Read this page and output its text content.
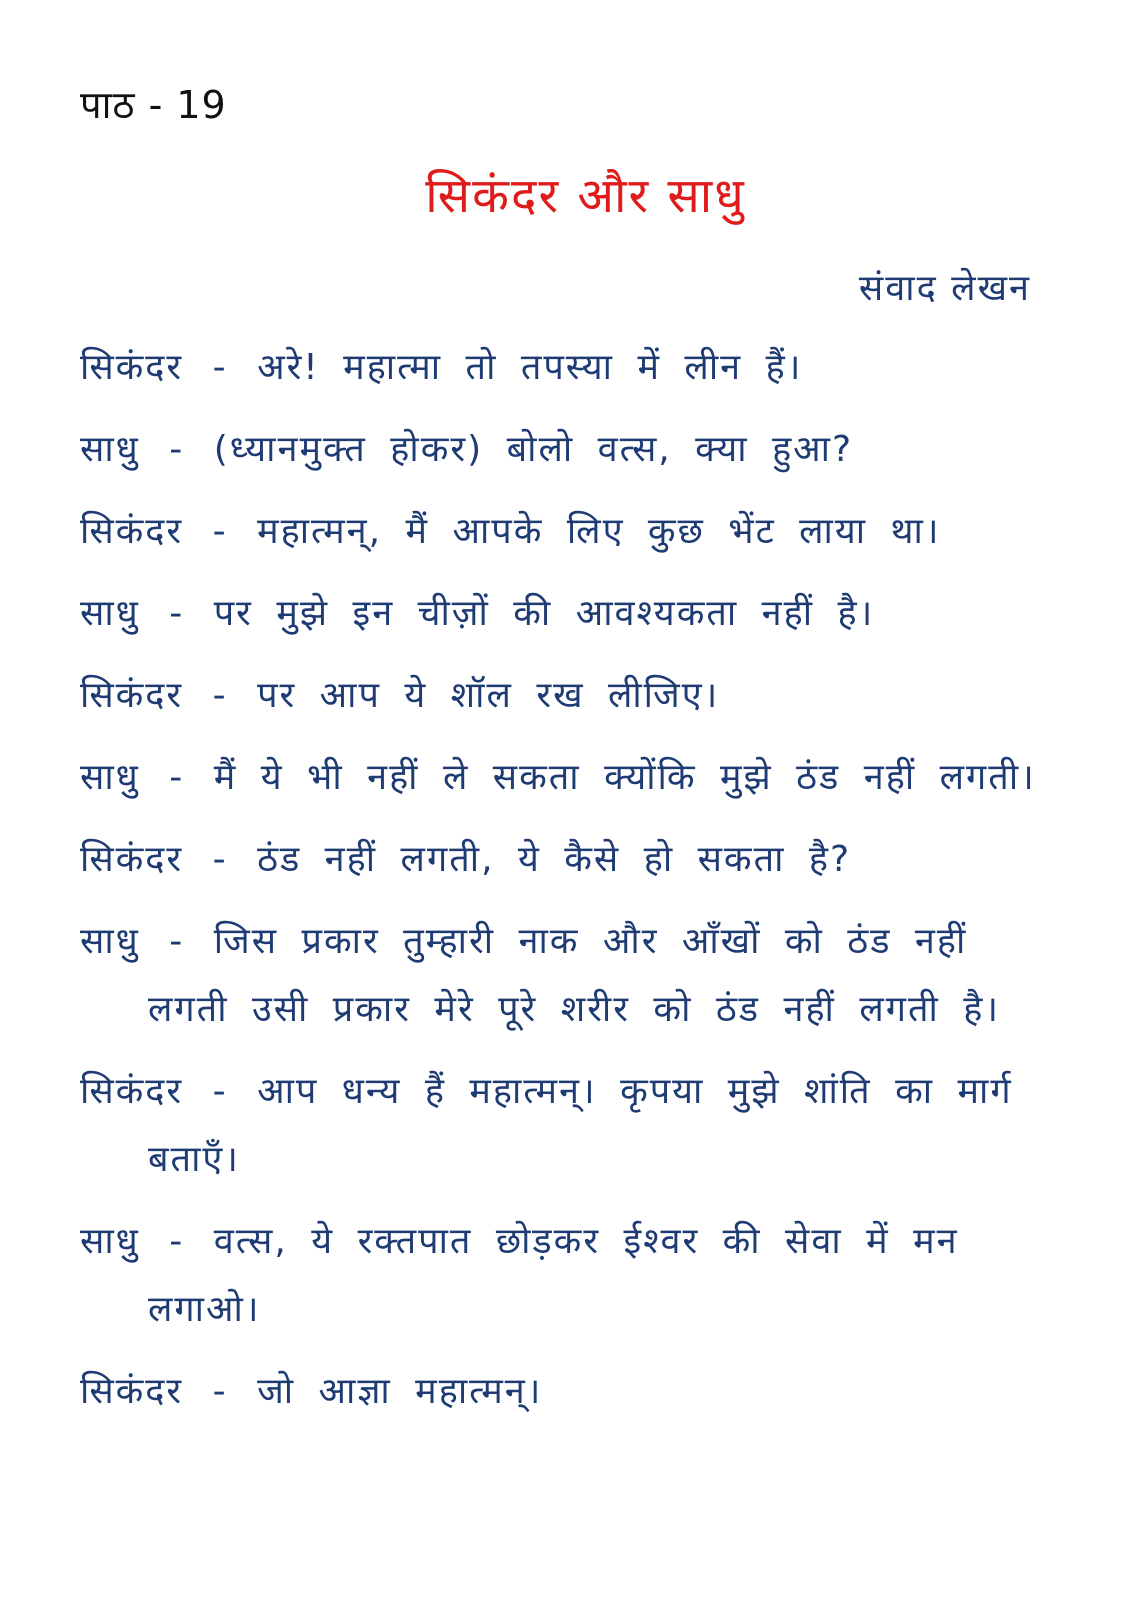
पाठ - 19
सिकंदर और साधु
संवाद लेखन
सिकंदर - अरे! महात्मा तो तपस्या में लीन हैं।
साधु - (ध्यानमुक्त होकर) बोलो वत्स, क्या हुआ?
सिकंदर - महात्मन्, मैं आपके लिए कुछ भेंट लाया था।
साधु - पर मुझे इन चीज़ों की आवश्यकता नहीं है।
सिकंदर - पर आप ये शॉल रख लीजिए।
साधु - मैं ये भी नहीं ले सकता क्योंकि मुझे ठंड नहीं लगती।
सिकंदर - ठंड नहीं लगती, ये कैसे हो सकता है?
साधु - जिस प्रकार तुम्हारी नाक और आँखों को ठंड नहीं
लगती उसी प्रकार मेरे पूरे शरीर को ठंड नहीं लगती है।
सिकंदर - आप धन्य हैं महात्मन्। कृपया मुझे शांति का मार्ग
बताएँ।
साधु - वत्स, ये रक्तपात छोड़कर ईश्वर की सेवा में मन
लगाओ।
सिकंदर - जो आज्ञा महात्मन्।
